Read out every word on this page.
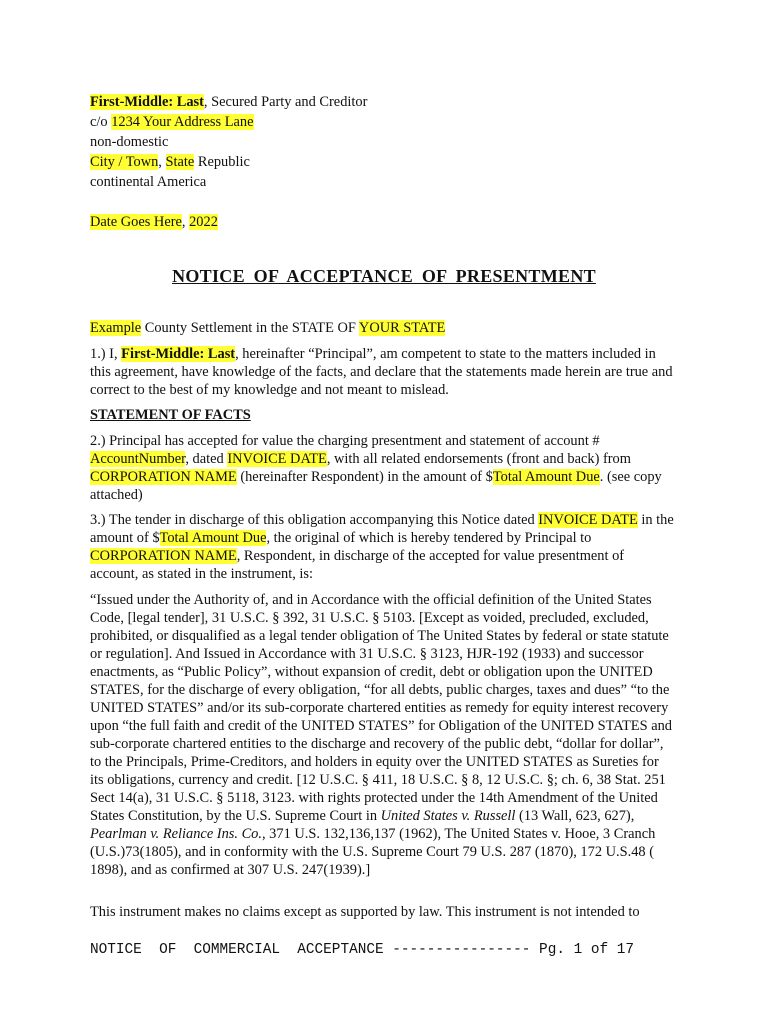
First-Middle: Last, Secured Party and Creditor

c/o 1234 Your Address Lane

non-domestic

City / Town, State Republic

continental America

Date Goes Here, 2022

NOTICE OF ACCEPTANCE OF PRESENTMENT
Example County Settlement in the STATE OF YOUR STATE
1.) I, First-Middle: Last, hereinafter “Principal”, am competent to state to the matters included in this agreement, have knowledge of the facts, and declare that the statements made herein are true and correct to the best of my knowledge and not meant to mislead.
STATEMENT OF FACTS
2.) Principal has accepted for value the charging presentment and statement of account # AccountNumber, dated INVOICE DATE, with all related endorsements (front and back) from CORPORATION NAME (hereinafter Respondent) in the amount of $Total Amount Due. (see copy attached)
3.) The tender in discharge of this obligation accompanying this Notice dated INVOICE DATE in the amount of $Total Amount Due, the original of which is hereby tendered by Principal to CORPORATION NAME, Respondent, in discharge of the accepted for value presentment of account, as stated in the instrument, is:
“Issued under the Authority of, and in Accordance with the official definition of the United States Code, [legal tender], 31 U.S.C. § 392, 31 U.S.C. § 5103. [Except as voided, precluded, excluded, prohibited, or disqualified as a legal tender obligation of The United States by federal or state statute or regulation]. And Issued in Accordance with 31 U.S.C. § 3123, HJR-192 (1933) and successor enactments, as “Public Policy”, without expansion of credit, debt or obligation upon the UNITED STATES, for the discharge of every obligation, “for all debts, public charges, taxes and dues” “to the UNITED STATES” and/or its sub-corporate chartered entities as remedy for equity interest recovery upon “the full faith and credit of the UNITED STATES” for Obligation of the UNITED STATES and sub-corporate chartered entities to the discharge and recovery of the public debt, “dollar for dollar”, to the Principals, Prime-Creditors, and holders in equity over the UNITED STATES as Sureties for its obligations, currency and credit. [12 U.S.C. § 411, 18 U.S.C. § 8, 12 U.S.C. §; ch. 6, 38 Stat. 251 Sect 14(a), 31 U.S.C. § 5118, 3123. with rights protected under the 14th Amendment of the United States Constitution, by the U.S. Supreme Court in United States v. Russell (13 Wall, 623, 627), Pearlman v. Reliance Ins. Co., 371 U.S. 132,136,137 (1962), The United States v. Hooe, 3 Cranch (U.S.)73(1805), and in conformity with the U.S. Supreme Court 79 U.S. 287 (1870), 172 U.S.48 ( 1898), and as confirmed at 307 U.S. 247(1939).]
This instrument makes no claims except as supported by law. This instrument is not intended to
NOTICE  OF  COMMERCIAL  ACCEPTANCE ---------------- Pg. 1 of 17
